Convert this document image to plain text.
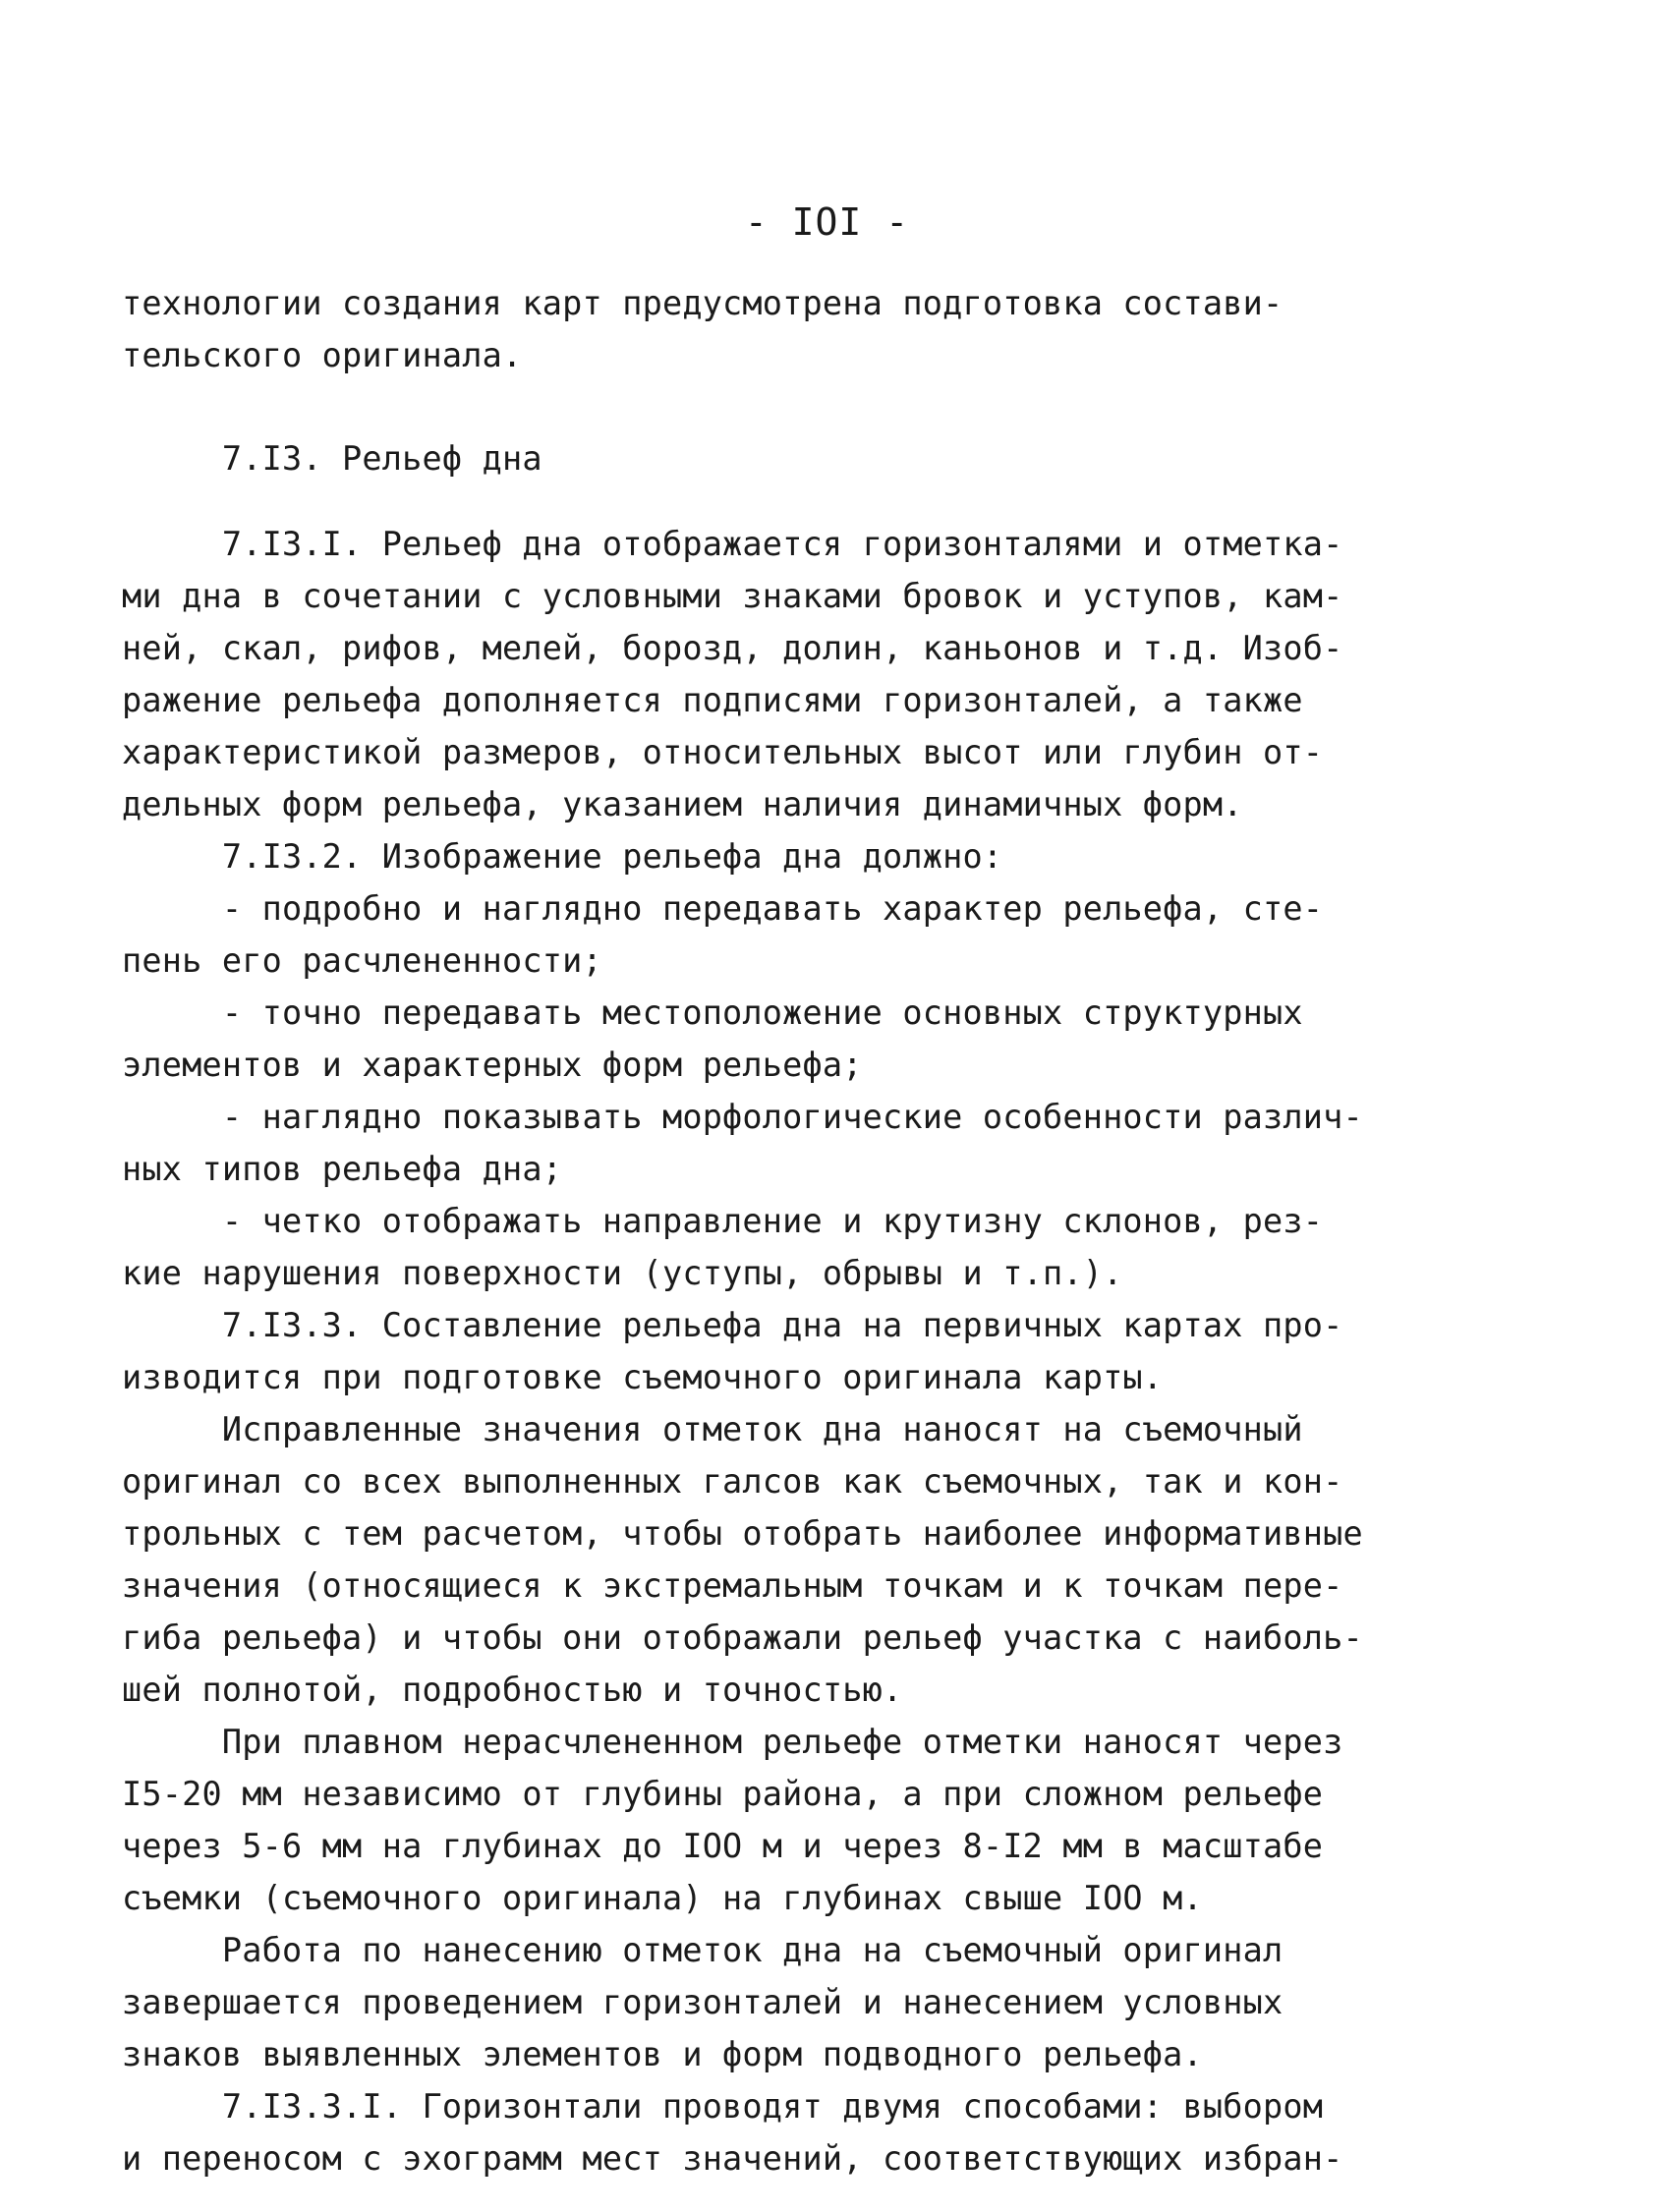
- IOI -
технологии создания карт предусмотрена подготовка состави-
тельского оригинала.
7.I3. Рельеф дна
7.I3.I. Рельеф дна отображается горизонталями и отметка-
ми дна в сочетании с условными знаками бровок и уступов, кам-
ней, скал, рифов, мелей, борозд, долин, каньонов и т.д. Изоб-
ражение рельефа дополняется подписями горизонталей, а также
характеристикой размеров, относительных высот или глубин от-
дельных форм рельефа, указанием наличия динамичных форм.
7.I3.2. Изображение рельефа дна должно:
- подробно и наглядно передавать характер рельефа, сте-
пень его расчлененности;
- точно передавать местоположение основных структурных
элементов и характерных форм рельефа;
- наглядно показывать морфологические особенности различ-
ных типов рельефа дна;
- четко отображать направление и крутизну склонов, рез-
кие нарушения поверхности (уступы, обрывы и т.п.).
7.I3.3. Составление рельефа дна на первичных картах про-
изводится при подготовке съемочного оригинала карты.
Исправленные значения отметок дна наносят на съемочный
оригинал со всех выполненных галсов как съемочных, так и кон-
трольных с тем расчетом, чтобы отобрать наиболее информативные
значения (относящиеся к экстремальным точкам и к точкам пере-
гиба рельефа) и чтобы они отображали рельеф участка с наиболь-
шей полнотой, подробностью и точностью.
При плавном нерасчлененном рельефе отметки наносят через
I5-20 мм независимо от глубины района, а при сложном рельефе
через 5-6 мм на глубинах до IOO м и через 8-I2 мм в масштабе
съемки (съемочного оригинала) на глубинах свыше IOO м.
Работа по нанесению отметок дна на съемочный оригинал
завершается проведением горизонталей и нанесением условных
знаков выявленных элементов и форм подводного рельефа.
7.I3.3.I. Горизонтали проводят двумя способами: выбором
и переносом с эхограмм мест значений, соответствующих избран-
